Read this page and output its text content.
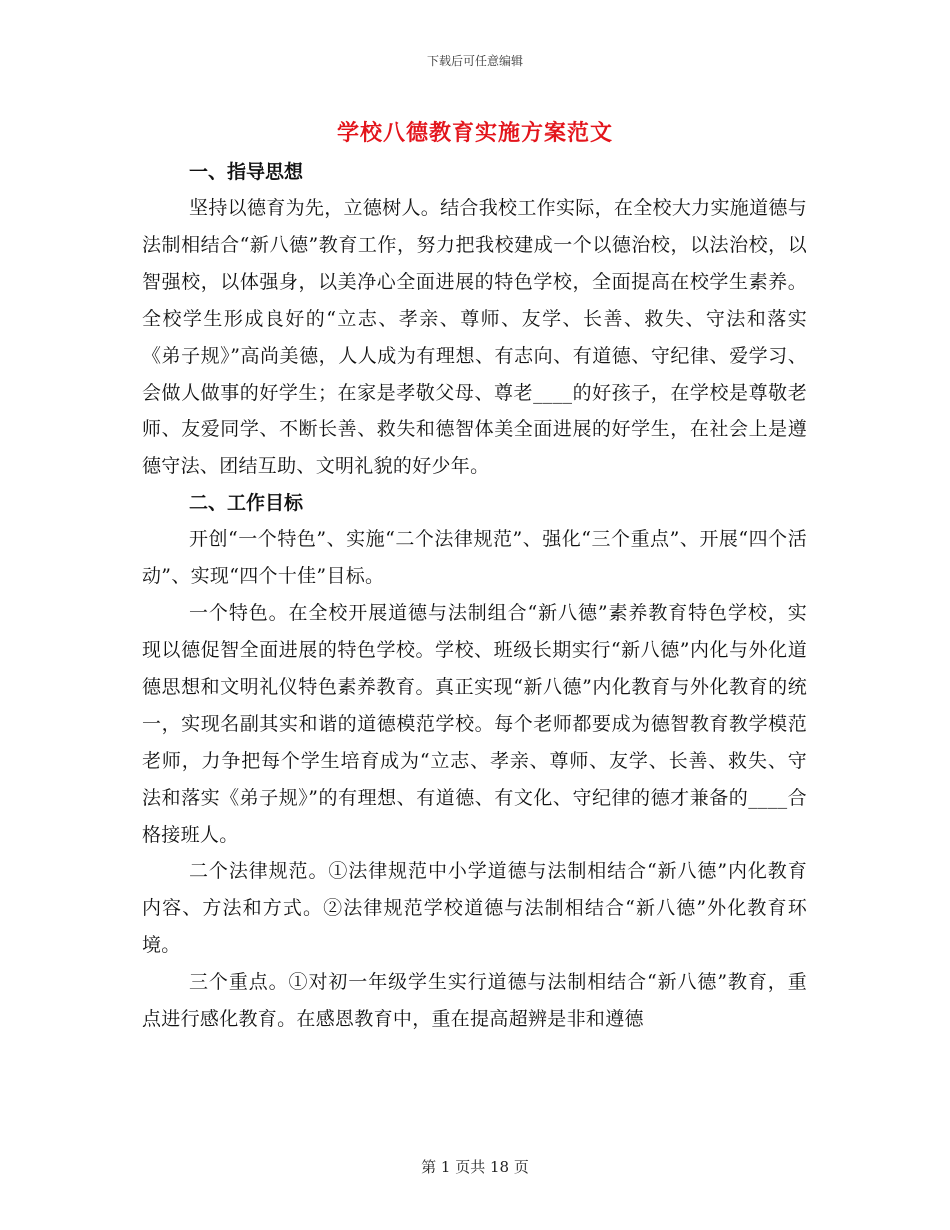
下载后可任意编辑
学校八德教育实施方案范文

一、指导思想

坚持以德育为先，立德树人。结合我校工作实际，在全校大力实施道德与法制相结合“新八德”教育工作，努力把我校建成一个以德治校，以法治校，以智强校，以体强身，以美净心全面进展的特色学校，全面提高在校学生素养。全校学生形成良好的“立志、孝亲、尊师、友学、长善、救失、守法和落实《弟子规》”高尚美德，人人成为有理想、有志向、有道德、守纪律、爱学习、会做人做事的好学生；在家是孝敬父母、尊老____的好孩子，在学校是尊敬老师、友爱同学、不断长善、救失和德智体美全面进展的好学生，在社会上是遵德守法、团结互助、文明礼貌的好少年。

二、工作目标

开创“一个特色”、实施“二个法律规范”、强化“三个重点”、开展“四个活动”、实现“四个十佳”目标。

一个特色。在全校开展道德与法制组合“新八德”素养教育特色学校，实现以德促智全面进展的特色学校。学校、班级长期实行“新八德”内化与外化道德思想和文明礼仪特色素养教育。真正实现“新八德”内化教育与外化教育的统一，实现名副其实和谐的道德模范学校。每个老师都要成为德智教育教学模范老师，力争把每个学生培育成为“立志、孝亲、尊师、友学、长善、救失、守法和落实《弟子规》”的有理想、有道德、有文化、守纪律的德才兼备的____合格接班人。

二个法律规范。①法律规范中小学道德与法制相结合“新八德”内化教育内容、方法和方式。②法律规范学校道德与法制相结合“新八德”外化教育环境。

三个重点。①对初一年级学生实行道德与法制相结合“新八德”教育，重点进行感化教育。在感恩教育中，重在提高超辨是非和遵德

第 1 页共 18 页
